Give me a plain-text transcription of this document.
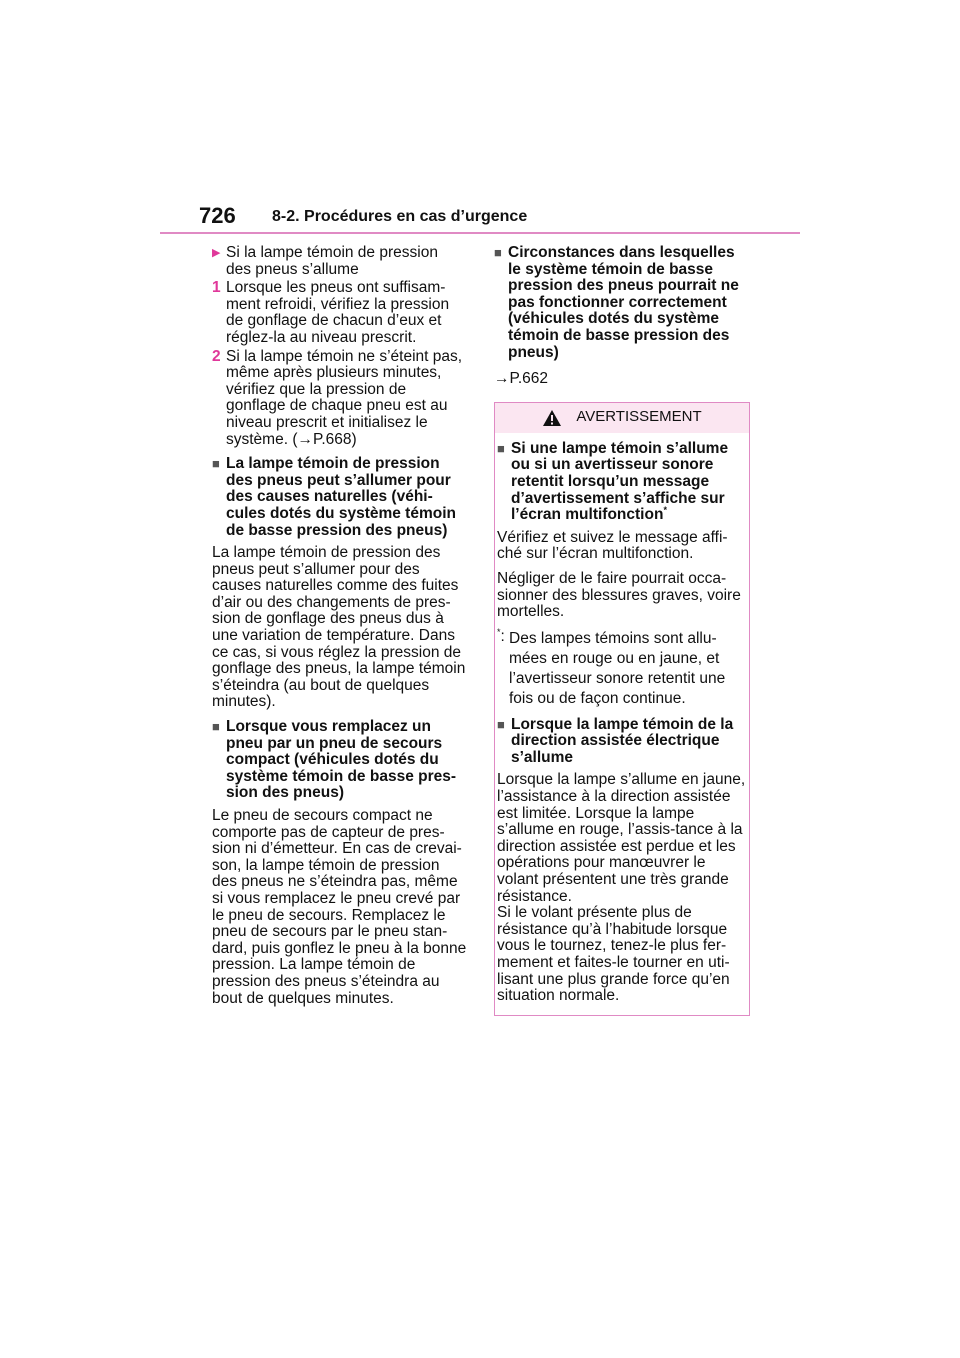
726 8-2. Procédures en cas d’urgence
▶ Si la lampe témoin de pression des pneus s’allume
1 Lorsque les pneus ont suffisam-ment refroidi, vérifiez la pression de gonflage de chacun d’eux et réglez-la au niveau prescrit.
2 Si la lampe témoin ne s’éteint pas, même après plusieurs minutes, vérifiez que la pression de gonflage de chaque pneu est au niveau prescrit et initialisez le système. (→P.668)
■ La lampe témoin de pression des pneus peut s’allumer pour des causes naturelles (véhi-cules dotés du système témoin de basse pression des pneus)

La lampe témoin de pression des pneus peut s’allumer pour des causes naturelles comme des fuites d’air ou des changements de pres-sion de gonflage des pneus dus à une variation de température. Dans ce cas, si vous réglez la pression de gonflage des pneus, la lampe témoin s’éteindra (au bout de quelques minutes).

■ Lorsque vous remplacez un pneu par un pneu de secours compact (véhicules dotés du système témoin de basse pres-sion des pneus)

Le pneu de secours compact ne comporte pas de capteur de pres-sion ni d’émetteur. En cas de crevai-son, la lampe témoin de pression des pneus ne s’éteindra pas, même si vous remplacez le pneu crevé par le pneu de secours. Remplacez le pneu de secours par le pneu stan-dard, puis gonflez le pneu à la bonne pression. La lampe témoin de pression des pneus s’éteindra au bout de quelques minutes.

■ Circonstances dans lesquelles le système témoin de basse pression des pneus pourrait ne pas fonctionner correctement (véhicules dotés du système témoin de basse pression des pneus)
→P.662
AVERTISSEMENT
■ Si une lampe témoin s’allume ou si un avertisseur sonore retentit lorsqu’un message d’avertissement s’affiche sur l’écran multifonction*

Vérifiez et suivez le message affi-ché sur l’écran multifonction.

Négliger de le faire pourrait occa-sionner des blessures graves, voire mortelles.

*: Des lampes témoins sont allu-mées en rouge ou en jaune, et l’avertisseur sonore retentit une fois ou de façon continue.
■ Lorsque la lampe témoin de la direction assistée électrique s’allume

Lorsque la lampe s’allume en jaune, l’assistance à la direction assistée est limitée. Lorsque la lampe s’allume en rouge, l’assis-tance à la direction assistée est perdue et les opérations pour manœuvrer le volant présentent une très grande résistance.

Si le volant présente plus de résistance qu’à l’habitude lorsque vous le tournez, tenez-le plus fer-mement et faites-le tourner en uti-lisant une plus grande force qu’en situation normale.
